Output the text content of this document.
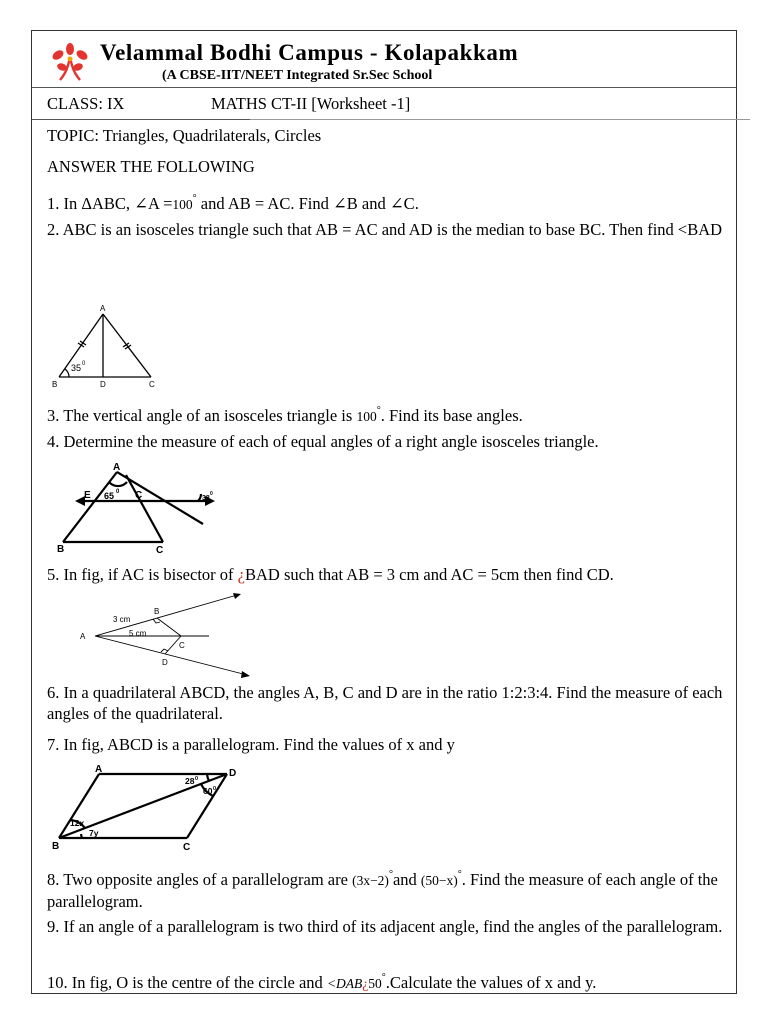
Velammal Bodhi Campus - Kolapakkam
(A CBSE-IIT/NEET Integrated Sr.Sec School
CLASS: IX	MATHS CT-II [Worksheet -1]
TOPIC: Triangles, Quadrilaterals, Circles
ANSWER THE FOLLOWING
1. In ΔABC, ∠A =100° and AB = AC. Find ∠B and ∠C.
2. ABC is an isosceles triangle such that AB = AC and AD is the median to base BC. Then find <BAD
A
B	D	C
35 0
3. The vertical angle of an isosceles triangle is 100°. Find its base angles.
4. Determine the measure of each of equal angles of a right angle isosceles triangle.
A
E	C
B	C
65 0
38
0
5. In fig, if AC is bisector of ¿BAD such that AB = 3 cm and AC = 5cm then find CD.
A
B
C
D
3 cm
5 cm
6. In a quadrilateral ABCD, the angles A, B, C and D are in the ratio 1:2:3:4. Find the measure of each angles of the quadrilateral.
7. In fig, ABCD is a parallelogram. Find the values of x and y
A	D
B	C
28 0
60 0
12x
7y
8. Two opposite angles of a parallelogram are (3x−2)°and (50−x)°. Find the measure of each angle of the parallelogram.
9. If an angle of a parallelogram is two third of its adjacent angle, find the angles of the parallelogram.
10. In fig, O is the centre of the circle and <DAB¿50°.Calculate the values of x and y.
